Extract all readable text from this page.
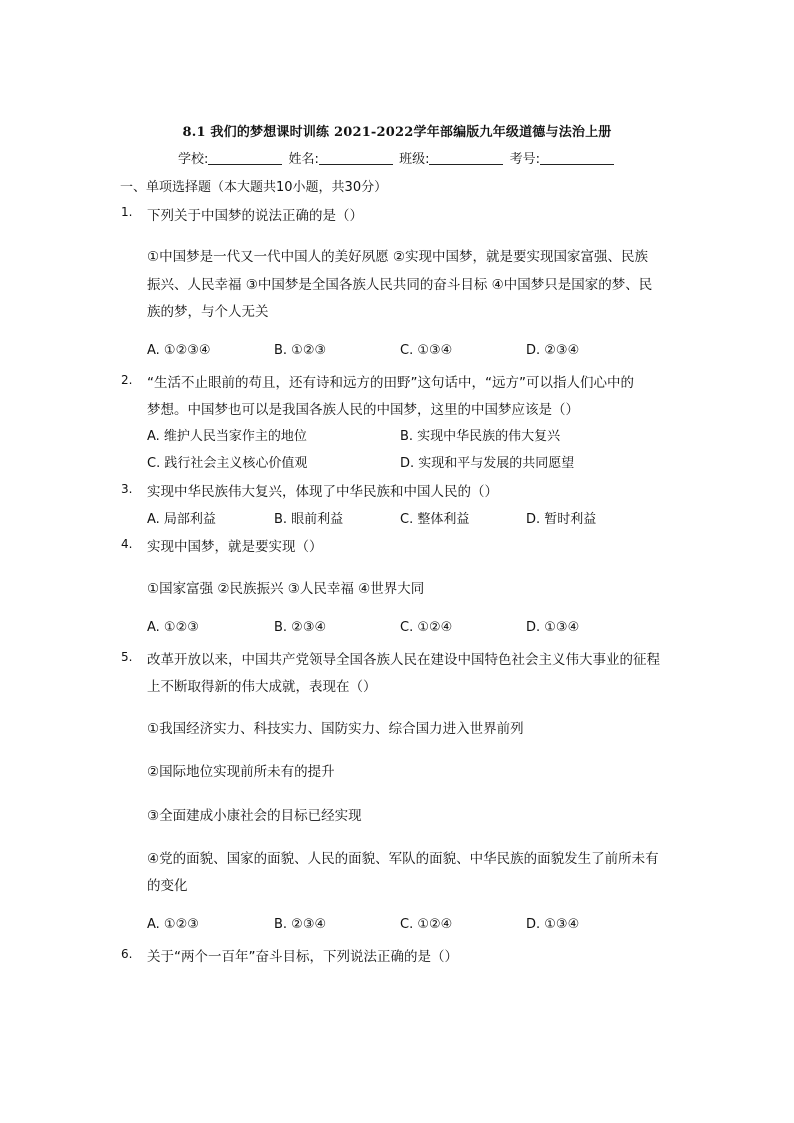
8.1 我们的梦想课时训练 2021-2022学年部编版九年级道德与法治上册
学校:	姓名:	班级:	考号:
一、单项选择题（本大题共10小题，共30分）
1. 下列关于中国梦的说法正确的是（）
①中国梦是一代又一代中国人的美好夙愿 ②实现中国梦，就是要实现国家富强、民族
振兴、人民幸福 ③中国梦是全国各族人民共同的奋斗目标 ④中国梦只是国家的梦、民
族的梦，与个人无关
A. ①②③④	B. ①②③	C. ①③④	D. ②③④
2. “生活不止眼前的苟且，还有诗和远方的田野”这句话中，“远方”可以指人们心中的
梦想。中国梦也可以是我国各族人民的中国梦，这里的中国梦应该是（）
A. 维护人民当家作主的地位	B. 实现中华民族的伟大复兴
C. 践行社会主义核心价值观	D. 实现和平与发展的共同愿望
3. 实现中华民族伟大复兴，体现了中华民族和中国人民的（）
A. 局部利益	B. 眼前利益	C. 整体利益	D. 暂时利益
4. 实现中国梦，就是要实现（）
①国家富强 ②民族振兴 ③人民幸福 ④世界大同
A. ①②③	B. ②③④	C. ①②④	D. ①③④
5. 改革开放以来，中国共产党领导全国各族人民在建设中国特色社会主义伟大事业的征程
上不断取得新的伟大成就，表现在（）
①我国经济实力、科技实力、国防实力、综合国力进入世界前列
②国际地位实现前所未有的提升
③全面建成小康社会的目标已经实现
④党的面貌、国家的面貌、人民的面貌、军队的面貌、中华民族的面貌发生了前所未有
的变化
A. ①②③	B. ②③④	C. ①②④	D. ①③④
6. 关于“两个一百年”奋斗目标，下列说法正确的是（）
